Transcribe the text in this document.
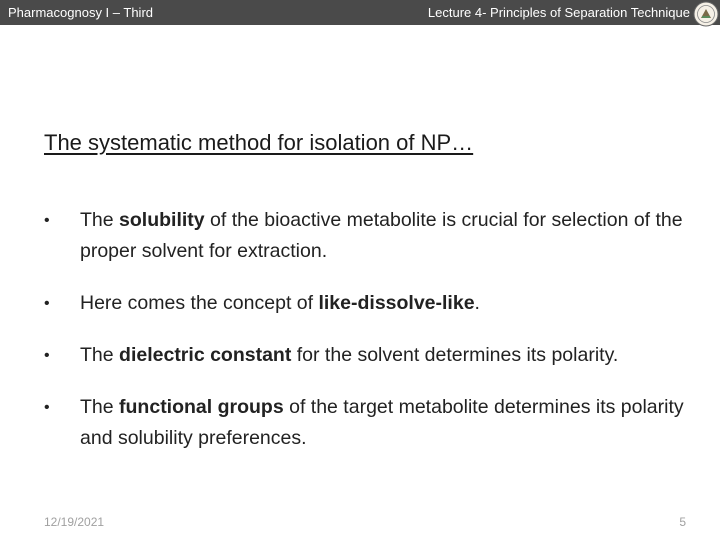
Pharmacognosy I – Third	Lecture 4- Principles of Separation Technique
The systematic method for isolation of NP…
• The solubility of the bioactive metabolite is crucial for selection of the proper solvent for extraction.
• Here comes the concept of like-dissolve-like.
• The dielectric constant for the solvent determines its polarity.
• The functional groups of the target metabolite determines its polarity and solubility preferences.
12/19/2021	5
